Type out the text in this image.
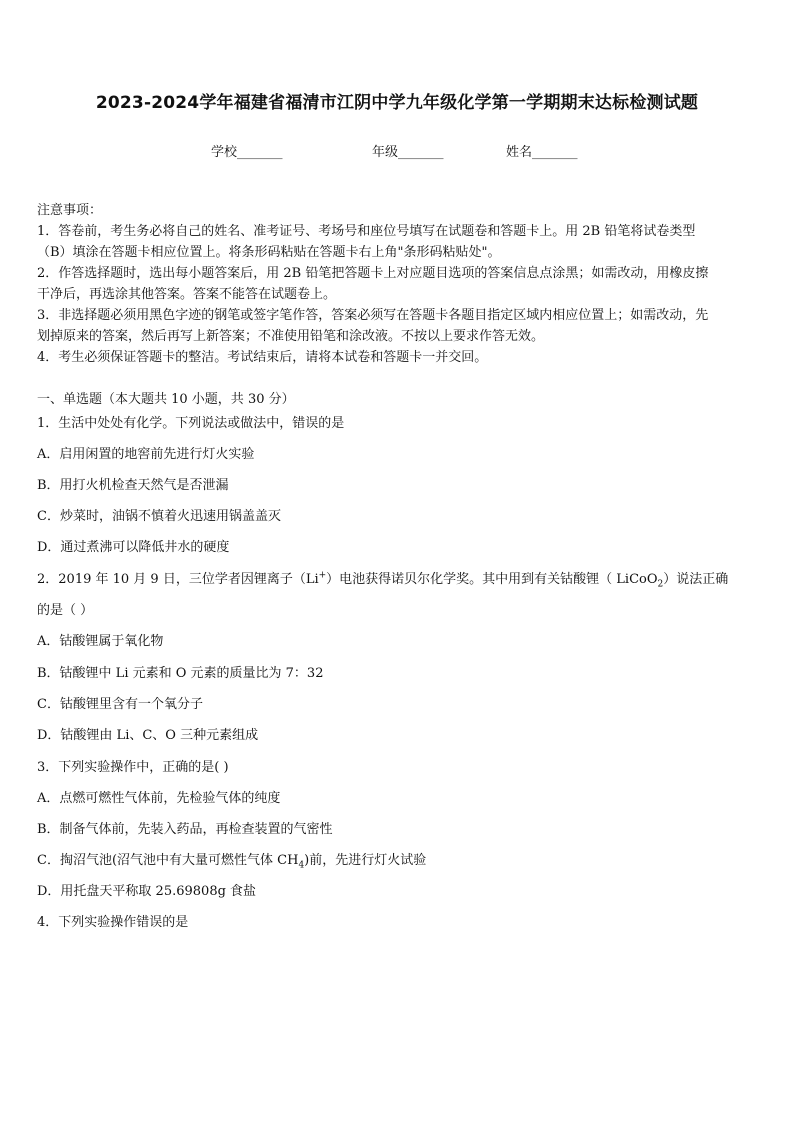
2023-2024学年福建省福清市江阴中学九年级化学第一学期期末达标检测试题
学校_______	年级_______	姓名_______
注意事项：
1．答卷前，考生务必将自己的姓名、准考证号、考场号和座位号填写在试题卷和答题卡上。用 2B 铅笔将试卷类型
（B）填涂在答题卡相应位置上。将条形码粘贴在答题卡右上角"条形码粘贴处"。
2．作答选择题时，选出每小题答案后，用 2B 铅笔把答题卡上对应题目选项的答案信息点涂黑；如需改动，用橡皮擦
干净后，再选涂其他答案。答案不能答在试题卷上。
3．非选择题必须用黑色字迹的钢笔或签字笔作答，答案必须写在答题卡各题目指定区域内相应位置上；如需改动，先
划掉原来的答案，然后再写上新答案；不准使用铅笔和涂改液。不按以上要求作答无效。
4．考生必须保证答题卡的整洁。考试结束后，请将本试卷和答题卡一并交回。
一、单选题（本大题共 10 小题，共 30 分）
1．生活中处处有化学。下列说法或做法中，错误的是
A．启用闲置的地窖前先进行灯火实验
B．用打火机检查天然气是否泄漏
C．炒菜时，油锅不慎着火迅速用锅盖盖灭
D．通过煮沸可以降低井水的硬度
2．2019 年 10 月 9 日，三位学者因锂离子（Li+）电池获得诺贝尔化学奖。其中用到有关钴酸锂（ LiCoO$_2$）说法正确
的是（ ）
A．钴酸锂属于氧化物
B．钴酸锂中 Li 元素和 O 元素的质量比为 7：32
C．钴酸锂里含有一个氧分子
D．钴酸锂由 Li、C、O 三种元素组成
3．下列实验操作中，正确的是( )
A．点燃可燃性气体前，先检验气体的纯度
B．制备气体前，先装入药品，再检查装置的气密性
C．掏沼气池(沼气池中有大量可燃性气体 $CH_4$)前，先进行灯火试验
D．用托盘天平称取 25.69808g 食盐
4．下列实验操作错误的是
